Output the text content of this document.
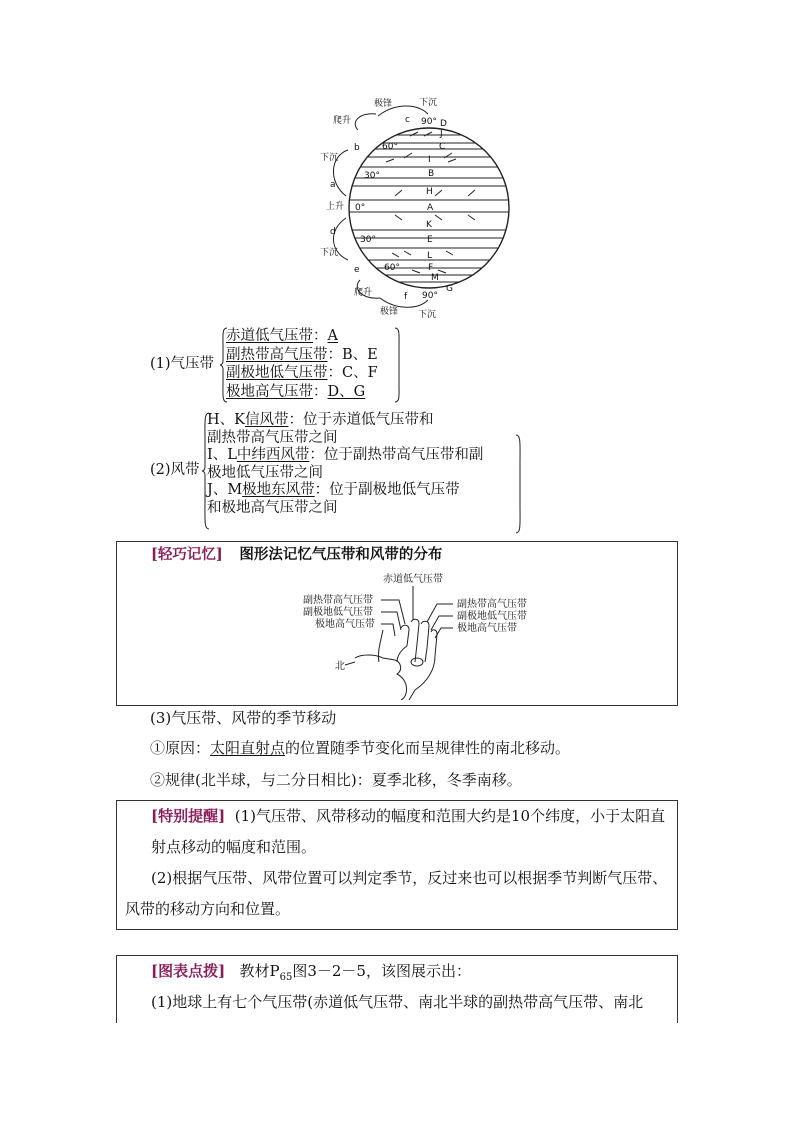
极锋	下沉
c 90° D
J
爬升
b 60°	C
下沉	I
a
30°	B
H
上升 0°	A
K
d
30°	E
下沉	L
e	60°	F
M
G
爬升	f 90°
极锋 下沉
(1)气压带
赤道低气压带：A
副热带高气压带：B、E
副极地低气压带：C、F
极地高气压带：D、G
(2)风带
H、K信风带：位于赤道低气压带和
副热带高气压带之间
I、L中纬西风带：位于副热带高气压带和副
极地低气压带之间
J、M极地东风带：位于副极地低气压带
和极地高气压带之间
[轻巧记忆] 图形法记忆气压带和风带的分布
赤道低气压带
副热带高气压带
副极地低气压带
极地高气压带
副热带高气压带
副极地低气压带
极地高气压带
北
(3)气压带、风带的季节移动
①原因：太阳直射点的位置随季节变化而呈规律性的南北移动。
②规律(北半球，与二分日相比)：夏季北移，冬季南移。
[特别提醒] (1)气压带、风带移动的幅度和范围大约是10个纬度，小于太阳直射点移动的幅度和范围。
(2)根据气压带、风带位置可以判定季节，反过来也可以根据季节判断气压带、风带的移动方向和位置。
[图表点拨] 教材$P_{65}$图3－2－5，该图展示出：
(1)地球上有七个气压带(赤道低气压带、南北半球的副热带高气压带、南北
